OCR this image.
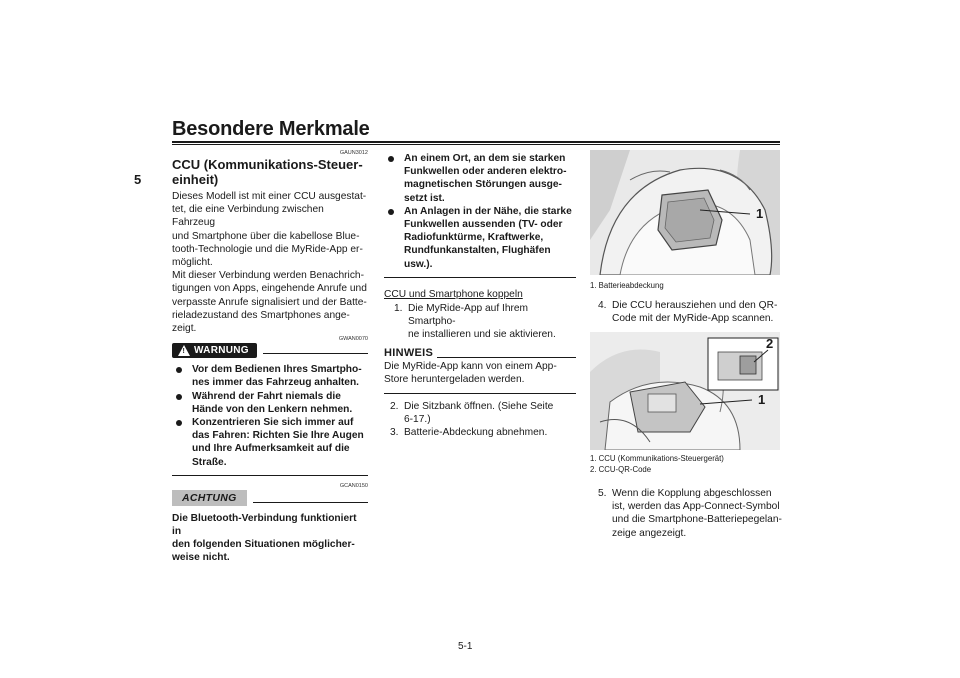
Besondere Merkmale
5
GAUN3012
CCU (Kommunikations-Steuer-
einheit)
Dieses Modell ist mit einer CCU ausgestat-
tet, die eine Verbindung zwischen Fahrzeug
und Smartphone über die kabellose Blue-
tooth-Technologie und die MyRide-App er-
möglicht.
Mit dieser Verbindung werden Benachrich-
tigungen von Apps, eingehende Anrufe und
verpasste Anrufe signalisiert und der Batte-
rieladezustand des Smartphones ange-
zeigt.
GWAN0070
! WARNUNG
Vor dem Bedienen Ihres Smartpho-
nes immer das Fahrzeug anhalten.
Während der Fahrt niemals die
Hände von den Lenkern nehmen.
Konzentrieren Sie sich immer auf
das Fahren: Richten Sie Ihre Augen
und Ihre Aufmerksamkeit auf die
Straße.
GCAN0150
ACHTUNG
Die Bluetooth-Verbindung funktioniert in
den folgenden Situationen möglicher-
weise nicht.
An einem Ort, an dem sie starken
Funkwellen oder anderen elektro-
magnetischen Störungen ausge-
setzt ist.
An Anlagen in der Nähe, die starke
Funkwellen aussenden (TV- oder
Radiofunktürme, Kraftwerke,
Rundfunkanstalten, Flughäfen
usw.).
CCU und Smartphone koppeln
1. Die MyRide-App auf Ihrem Smartpho-
ne installieren und sie aktivieren.
HINWEIS
Die MyRide-App kann von einem App-
Store heruntergeladen werden.
2. Die Sitzbank öffnen. (Siehe Seite
6-17.)
3. Batterie-Abdeckung abnehmen.
1
1. Batterieabdeckung
4. Die CCU herausziehen und den QR-
Code mit der MyRide-App scannen.
2
1
1. CCU (Kommunikations-Steuergerät)
2. CCU-QR-Code
5. Wenn die Kopplung abgeschlossen
ist, werden das App-Connect-Symbol
und die Smartphone-Batteriepegelan-
zeige angezeigt.
5-1
